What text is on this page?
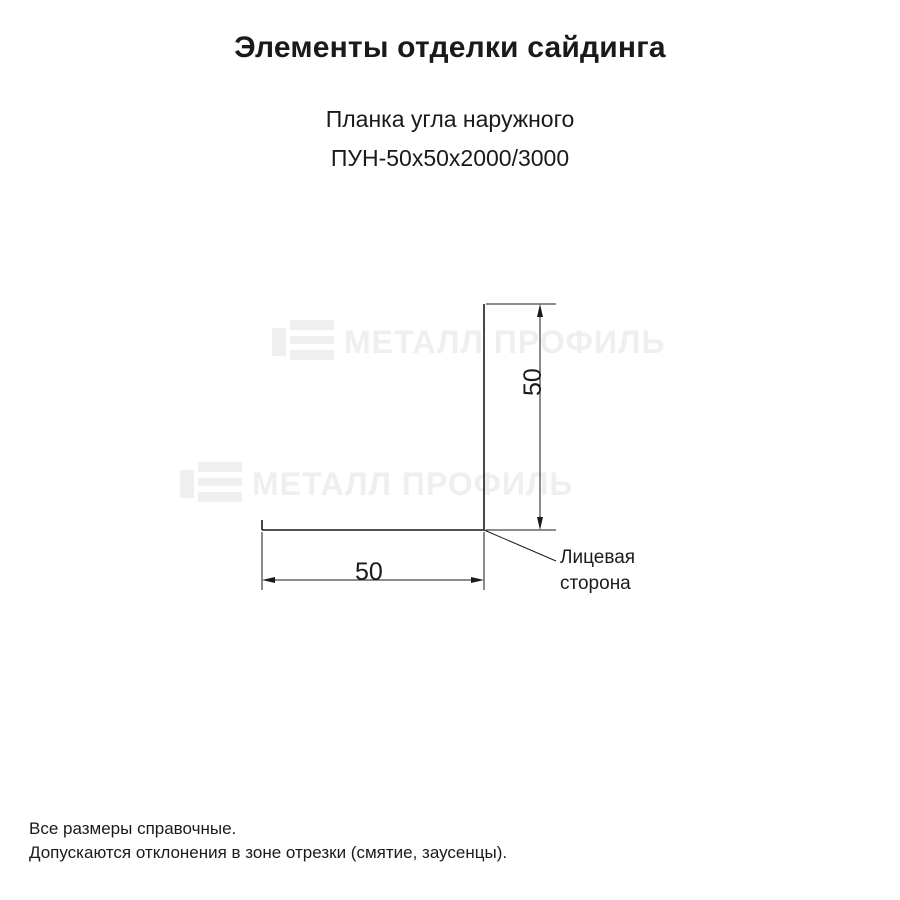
Элементы отделки сайдинга

Планка угла наружного

ПУН-50х50х2000/3000

МЕТАЛЛ ПРОФИЛЬ
МЕТАЛЛ ПРОФИЛЬ
50
50
Лицевая
сторона
Все размеры справочные.
Допускаются отклонения в зоне отрезки (смятие, заусенцы).
